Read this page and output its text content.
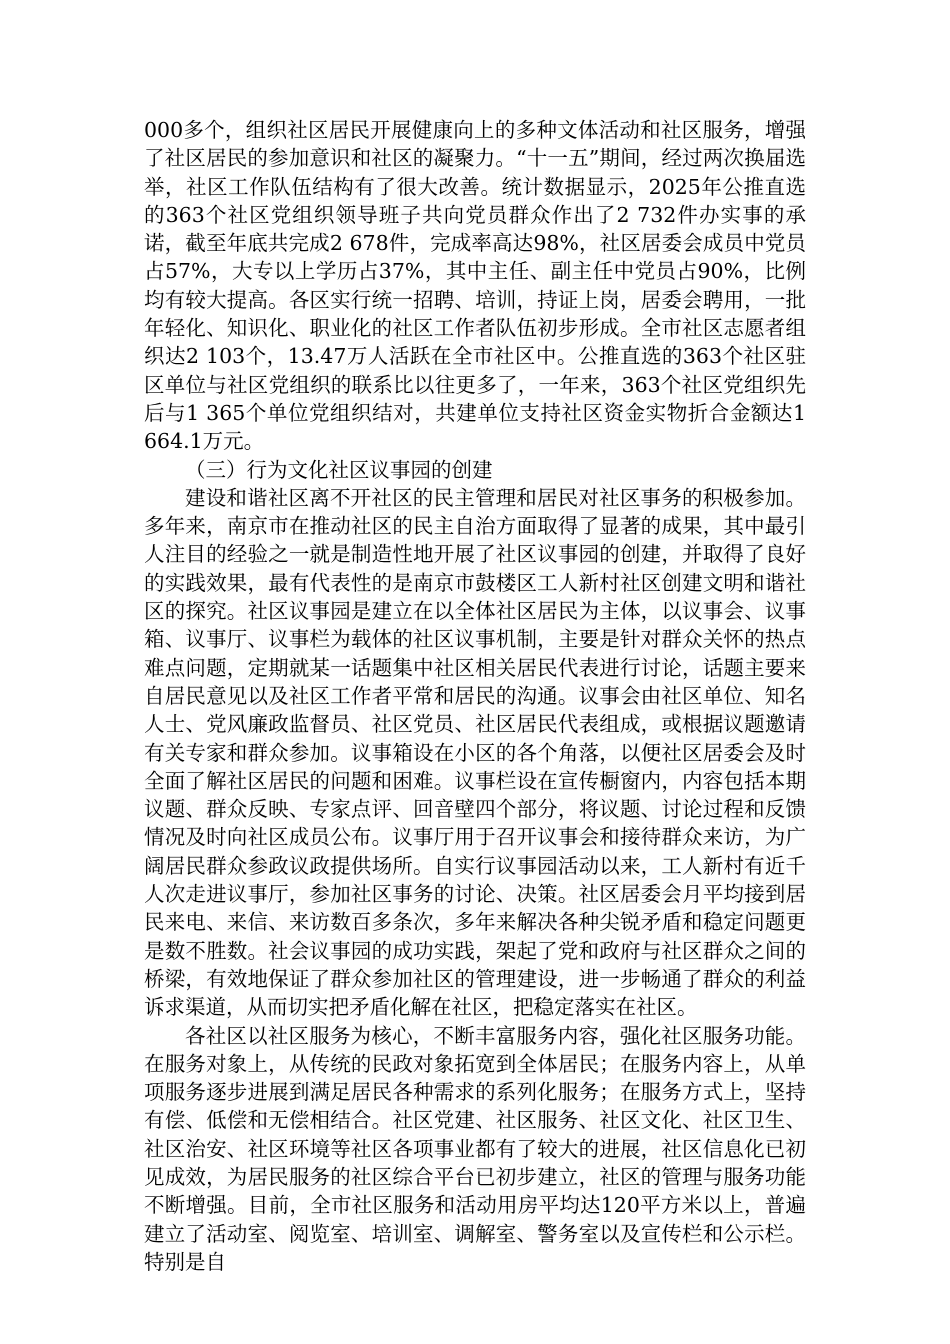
000多个，组织社区居民开展健康向上的多种文体活动和社区服务，增强了社区居民的参加意识和社区的凝聚力。“十一五”期间，经过两次换届选举，社区工作队伍结构有了很大改善。统计数据显示，2025年公推直选的363个社区党组织领导班子共向党员群众作出了2 732件办实事的承诺，截至年底共完成2 678件，完成率高达98%，社区居委会成员中党员占57%，大专以上学历占37%，其中主任、副主任中党员占90%，比例均有较大提高。各区实行统一招聘、培训，持证上岗，居委会聘用，一批年轻化、知识化、职业化的社区工作者队伍初步形成。全市社区志愿者组织达2 103个，13.47万人活跃在全市社区中。公推直选的363个社区驻区单位与社区党组织的联系比以往更多了，一年来，363个社区党组织先后与1 365个单位党组织结对，共建单位支持社区资金实物折合金额达1 664.1万元。

（三）行为文化社区议事园的创建

建设和谐社区离不开社区的民主管理和居民对社区事务的积极参加。多年来，南京市在推动社区的民主自治方面取得了显著的成果，其中最引人注目的经验之一就是制造性地开展了社区议事园的创建，并取得了良好的实践效果，最有代表性的是南京市鼓楼区工人新村社区创建文明和谐社区的探究。社区议事园是建立在以全体社区居民为主体，以议事会、议事箱、议事厅、议事栏为载体的社区议事机制，主要是针对群众关怀的热点难点问题，定期就某一话题集中社区相关居民代表进行讨论，话题主要来自居民意见以及社区工作者平常和居民的沟通。议事会由社区单位、知名人士、党风廉政监督员、社区党员、社区居民代表组成，或根据议题邀请有关专家和群众参加。议事箱设在小区的各个角落，以便社区居委会及时全面了解社区居民的问题和困难。议事栏设在宣传橱窗内，内容包括本期议题、群众反映、专家点评、回音壁四个部分，将议题、讨论过程和反馈情况及时向社区成员公布。议事厅用于召开议事会和接待群众来访，为广阔居民群众参政议政提供场所。自实行议事园活动以来，工人新村有近千人次走进议事厅，参加社区事务的讨论、决策。社区居委会月平均接到居民来电、来信、来访数百多条次，多年来解决各种尖锐矛盾和稳定问题更是数不胜数。社会议事园的成功实践，架起了党和政府与社区群众之间的桥梁，有效地保证了群众参加社区的管理建设，进一步畅通了群众的利益诉求渠道，从而切实把矛盾化解在社区，把稳定落实在社区。

各社区以社区服务为核心，不断丰富服务内容，强化社区服务功能。在服务对象上，从传统的民政对象拓宽到全体居民；在服务内容上，从单项服务逐步进展到满足居民各种需求的系列化服务；在服务方式上，坚持有偿、低偿和无偿相结合。社区党建、社区服务、社区文化、社区卫生、社区治安、社区环境等社区各项事业都有了较大的进展，社区信息化已初见成效，为居民服务的社区综合平台已初步建立，社区的管理与服务功能不断增强。目前，全市社区服务和活动用房平均达120平方米以上，普遍建立了活动室、阅览室、培训室、调解室、警务室以及宣传栏和公示栏。特别是自
